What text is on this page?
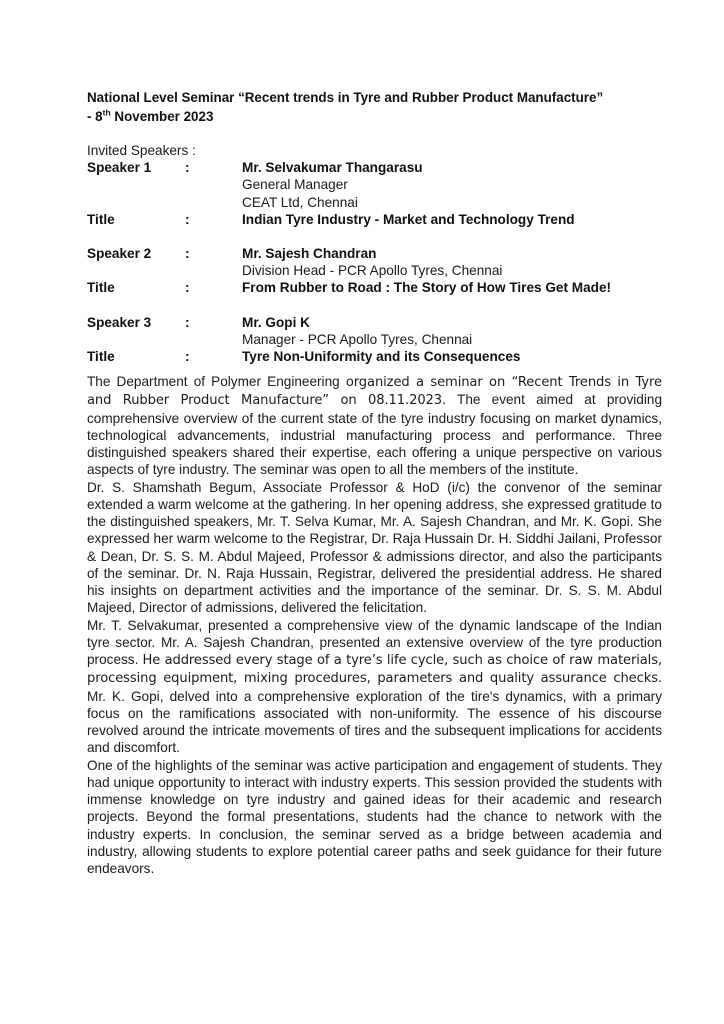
National Level Seminar “Recent trends in Tyre and Rubber Product Manufacture”
- 8th November 2023

Invited Speakers :

Speaker 1	:	Mr. Selvakumar Thangarasu
General Manager
CEAT Ltd, Chennai
Title	:	Indian Tyre Industry - Market and Technology Trend
Speaker 2	:	Mr. Sajesh Chandran
Division Head - PCR Apollo Tyres, Chennai
Title	:	From Rubber to Road : The Story of How Tires Get Made!
Speaker 3	:	Mr. Gopi K
Manager - PCR Apollo Tyres, Chennai
Title	:	Tyre Non-Uniformity and its Consequences

The Department of Polymer Engineering organized a seminar on “Recent Trends in Tyre and Rubber Product Manufacture” on 08.11.2023. The event aimed at providing comprehensive overview of the current state of the tyre industry focusing on market dynamics, technological advancements, industrial manufacturing process and performance. Three distinguished speakers shared their expertise, each offering a unique perspective on various aspects of tyre industry. The seminar was open to all the members of the institute.

Dr. S. Shamshath Begum, Associate Professor & HoD (i/c) the convenor of the seminar extended a warm welcome at the gathering. In her opening address, she expressed gratitude to the distinguished speakers, Mr. T. Selva Kumar, Mr. A. Sajesh Chandran, and Mr. K. Gopi. She expressed her warm welcome to the Registrar, Dr. Raja Hussain Dr. H. Siddhi Jailani, Professor & Dean, Dr. S. S. M. Abdul Majeed, Professor & admissions director, and also the participants of the seminar. Dr. N. Raja Hussain, Registrar, delivered the presidential address. He shared his insights on department activities and the importance of the seminar. Dr. S. S. M. Abdul Majeed, Director of admissions, delivered the felicitation.

Mr. T. Selvakumar, presented a comprehensive view of the dynamic landscape of the Indian tyre sector. Mr. A. Sajesh Chandran, presented an extensive overview of the tyre production process. He addressed every stage of a tyre’s life cycle, such as choice of raw materials, processing equipment, mixing procedures, parameters and quality assurance checks. Mr. K. Gopi, delved into a comprehensive exploration of the tire's dynamics, with a primary focus on the ramifications associated with non-uniformity. The essence of his discourse revolved around the intricate movements of tires and the subsequent implications for accidents and discomfort.

One of the highlights of the seminar was active participation and engagement of students. They had unique opportunity to interact with industry experts. This session provided the students with immense knowledge on tyre industry and gained ideas for their academic and research projects. Beyond the formal presentations, students had the chance to network with the industry experts. In conclusion, the seminar served as a bridge between academia and industry, allowing students to explore potential career paths and seek guidance for their future endeavors.
